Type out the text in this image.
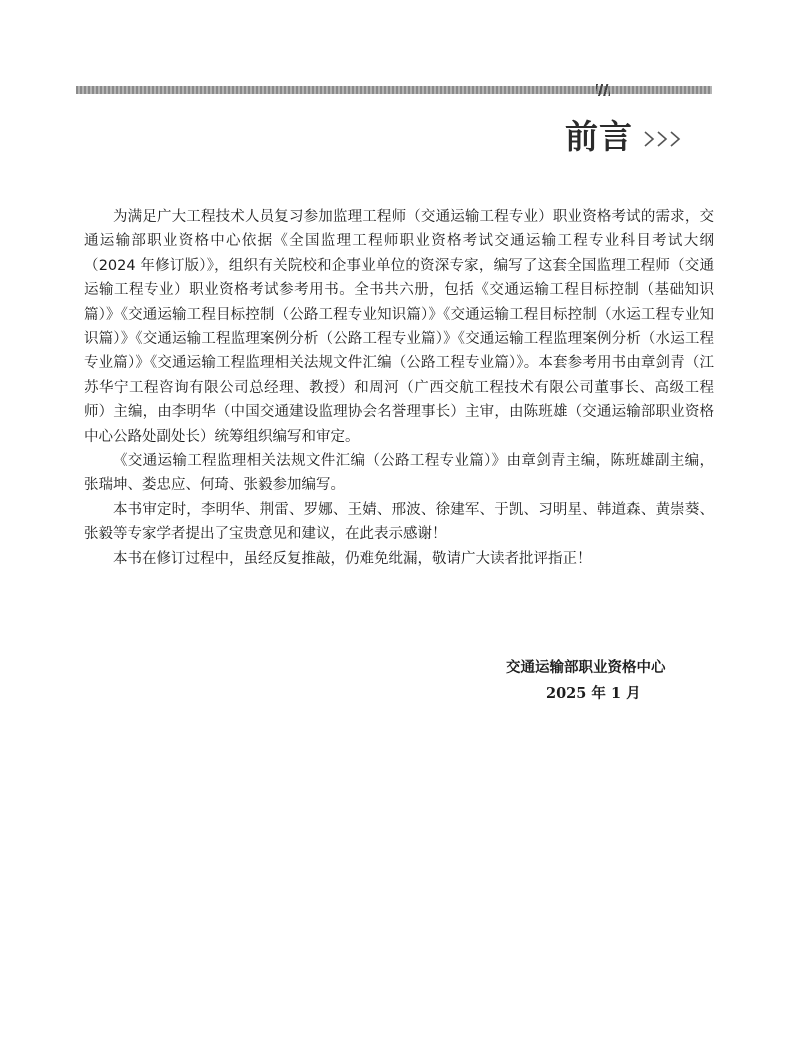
前言

为满足广大工程技术人员复习参加监理工程师（交通运输工程专业）职业资格考试的需求，交通运输部职业资格中心依据《全国监理工程师职业资格考试交通运输工程专业科目考试大纲（2024 年修订版）》，组织有关院校和企事业单位的资深专家，编写了这套全国监理工程师（交通运输工程专业）职业资格考试参考用书。全书共六册，包括《交通运输工程目标控制（基础知识篇）》《交通运输工程目标控制（公路工程专业知识篇）》《交通运输工程目标控制（水运工程专业知识篇）》《交通运输工程监理案例分析（公路工程专业篇）》《交通运输工程监理案例分析（水运工程专业篇）》《交通运输工程监理相关法规文件汇编（公路工程专业篇）》。本套参考用书由章剑青（江苏华宁工程咨询有限公司总经理、教授）和周河（广西交航工程技术有限公司董事长、高级工程师）主编，由李明华（中国交通建设监理协会名誉理事长）主审，由陈班雄（交通运输部职业资格中心公路处副处长）统筹组织编写和审定。

《交通运输工程监理相关法规文件汇编（公路工程专业篇）》由章剑青主编，陈班雄副主编，张瑞坤、娄忠应、何琦、张毅参加编写。

本书审定时，李明华、荆雷、罗娜、王婧、邢波、徐建军、于凯、习明星、韩道森、黄崇葵、张毅等专家学者提出了宝贵意见和建议，在此表示感谢！

本书在修订过程中，虽经反复推敲，仍难免纰漏，敬请广大读者批评指正！

交通运输部职业资格中心
2025 年 1 月
